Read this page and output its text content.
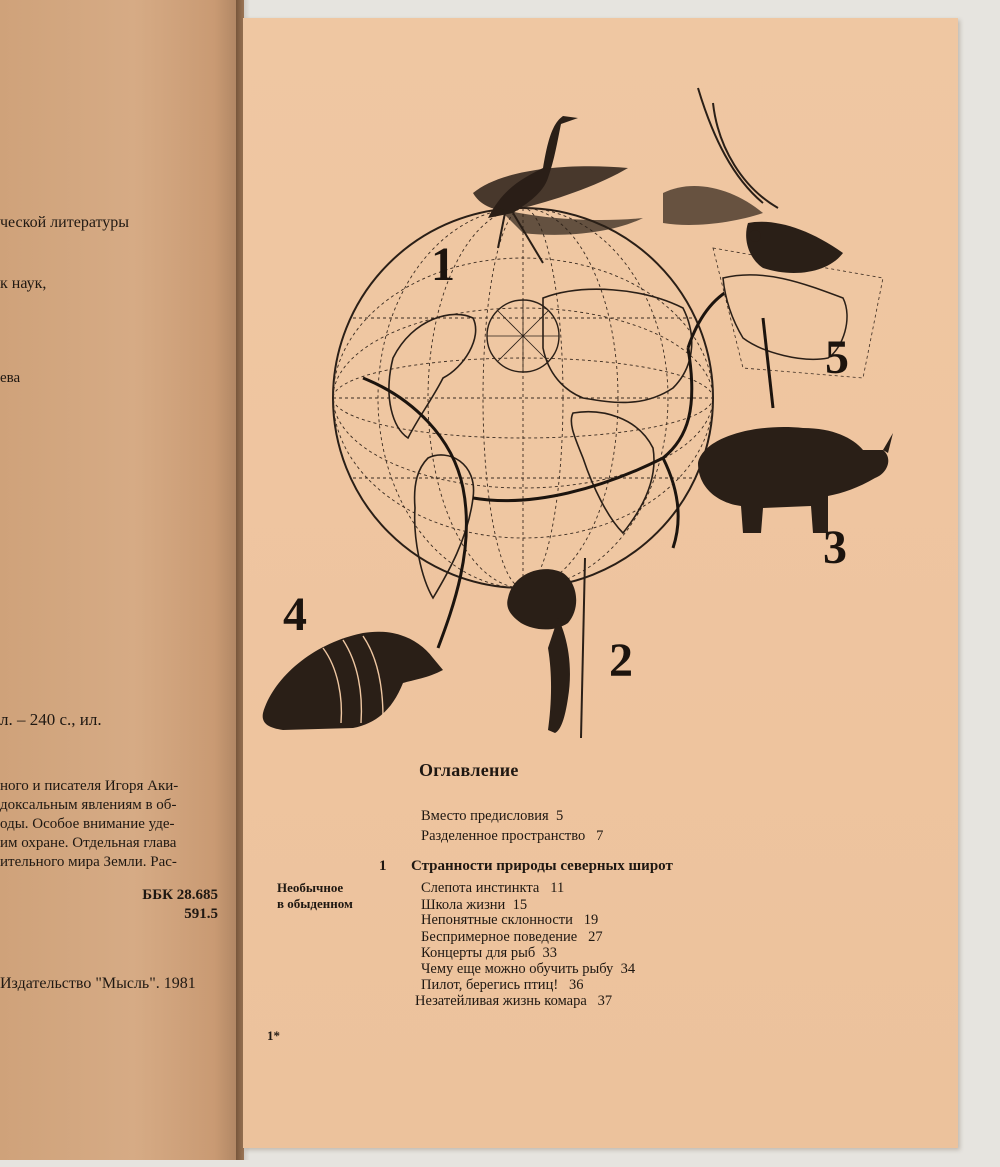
ческой литературы
к наук,
ева
л. – 240 с., ил.
ного и писателя Игоря Аки-
доксальным явлениям в об-
оды. Особое внимание уде-
им охране. Отдельная глава
ительного мира Земли. Рас-
ББК 28.685
591.5
Издательство "Мысль". 1981
1
2
3
4
5
Оглавление
Вместо предисловия 5
Разделенное пространство 7
1 Странности природы северных широт
Необычное
в обыденном
Слепота инстинкта 11
Школа жизни 15
Непонятные склонности 19
Беспримерное поведение 27
Концерты для рыб 33
Чему еще можно обучить рыбу 34
Пилот, берегись птиц! 36
Незатейливая жизнь комара 37
1*
